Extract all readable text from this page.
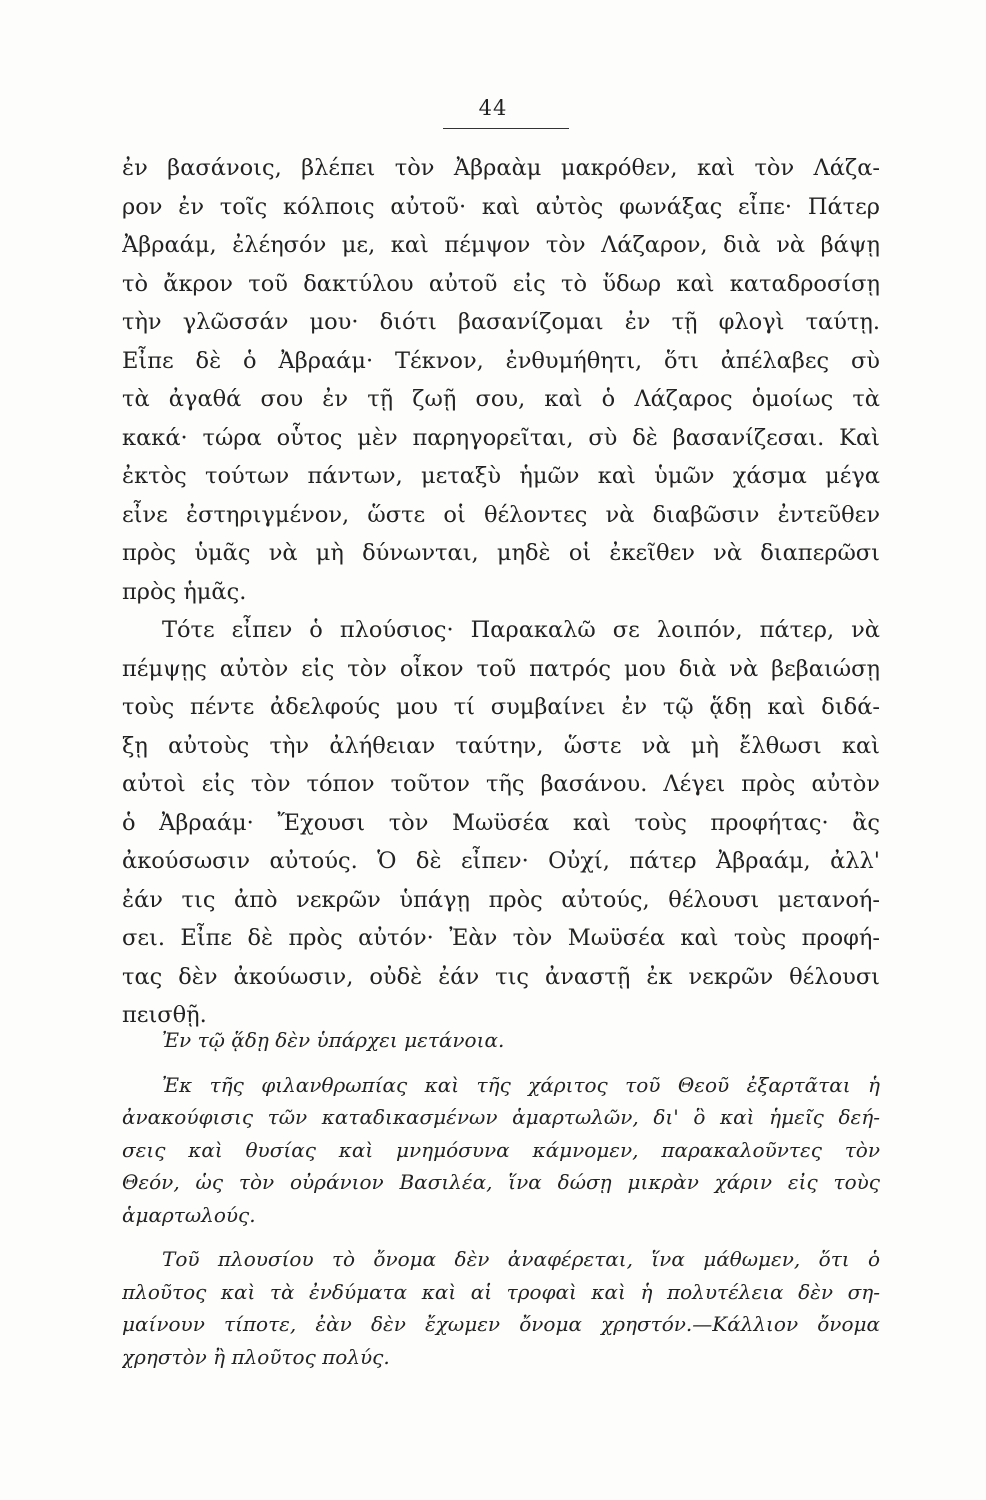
44
ἐν βασάνοις, βλέπει τὸν Ἀβραὰμ μακρόθεν, καὶ τὸν Λάζα-
ρον ἐν τοῖς κόλποις αὐτοῦ· καὶ αὐτὸς φωνάξας εἶπε· Πάτερ
Ἀβραάμ, ἐλέησόν με, καὶ πέμψον τὸν Λάζαρον, διὰ νὰ βάψῃ
τὸ ἄκρον τοῦ δακτύλου αὐτοῦ εἰς τὸ ὕδωρ καὶ καταδροσίσῃ
τὴν γλῶσσάν μου· διότι βασανίζομαι ἐν τῇ φλογὶ ταύτῃ.
Εἶπε δὲ ὁ Ἀβραάμ· Τέκνον, ἐνθυμήθητι, ὅτι ἀπέλαβες σὺ
τὰ ἀγαθά σου ἐν τῇ ζωῇ σου, καὶ ὁ Λάζαρος ὁμοίως τὰ
κακά· τώρα οὗτος μὲν παρηγορεῖται, σὺ δὲ βασανίζεσαι. Καὶ
ἐκτὸς τούτων πάντων, μεταξὺ ἡμῶν καὶ ὑμῶν χάσμα μέγα
εἶνε ἐστηριγμένον, ὥστε οἱ θέλοντες νὰ διαβῶσιν ἐντεῦθεν
πρὸς ὑμᾶς νὰ μὴ δύνωνται, μηδὲ οἱ ἐκεῖθεν νὰ διαπερῶσι
πρὸς ἡμᾶς.
Τότε εἶπεν ὁ πλούσιος· Παρακαλῶ σε λοιπόν, πάτερ, νὰ
πέμψῃς αὐτὸν εἰς τὸν οἶκον τοῦ πατρός μου διὰ νὰ βεβαιώσῃ
τοὺς πέντε ἀδελφούς μου τί συμβαίνει ἐν τῷ ᾅδῃ καὶ διδά-
ξῃ αὐτοὺς τὴν ἀλήθειαν ταύτην, ὥστε νὰ μὴ ἔλθωσι καὶ
αὐτοὶ εἰς τὸν τόπον τοῦτον τῆς βασάνου. Λέγει πρὸς αὐτὸν
ὁ Ἀβραάμ· Ἔχουσι τὸν Μωϋσέα καὶ τοὺς προφήτας· ἂς
ἀκούσωσιν αὐτούς. Ὁ δὲ εἶπεν· Οὐχί, πάτερ Ἀβραάμ, ἀλλ'
ἐάν τις ἀπὸ νεκρῶν ὑπάγῃ πρὸς αὐτούς, θέλουσι μετανοή-
σει. Εἶπε δὲ πρὸς αὐτόν· Ἐὰν τὸν Μωϋσέα καὶ τοὺς προφή-
τας δὲν ἀκούωσιν, οὐδὲ ἐάν τις ἀναστῇ ἐκ νεκρῶν θέλουσι
πεισθῇ.
Ἐν τῷ ᾅδῃ δὲν ὑπάρχει μετάνοια.
Ἐκ τῆς φιλανθρωπίας καὶ τῆς χάριτος τοῦ Θεοῦ ἐξαρτᾶται ἡ
ἀνακούφισις τῶν καταδικασμένων ἁμαρτωλῶν, δι' ὃ καὶ ἡμεῖς δεή-
σεις καὶ θυσίας καὶ μνημόσυνα κάμνομεν, παρακαλοῦντες τὸν
Θεόν, ὡς τὸν οὐράνιον Βασιλέα, ἵνα δώσῃ μικρὰν χάριν εἰς τοὺς
ἁμαρτωλούς.
Τοῦ πλουσίου τὸ ὄνομα δὲν ἀναφέρεται, ἵνα μάθωμεν, ὅτι ὁ
πλοῦτος καὶ τὰ ἐνδύματα καὶ αἱ τροφαὶ καὶ ἡ πολυτέλεια δὲν ση-
μαίνουν τίποτε, ἐὰν δὲν ἔχωμεν ὄνομα χρηστόν.—Κάλλιον ὄνομα
χρηστὸν ἢ πλοῦτος πολύς.
